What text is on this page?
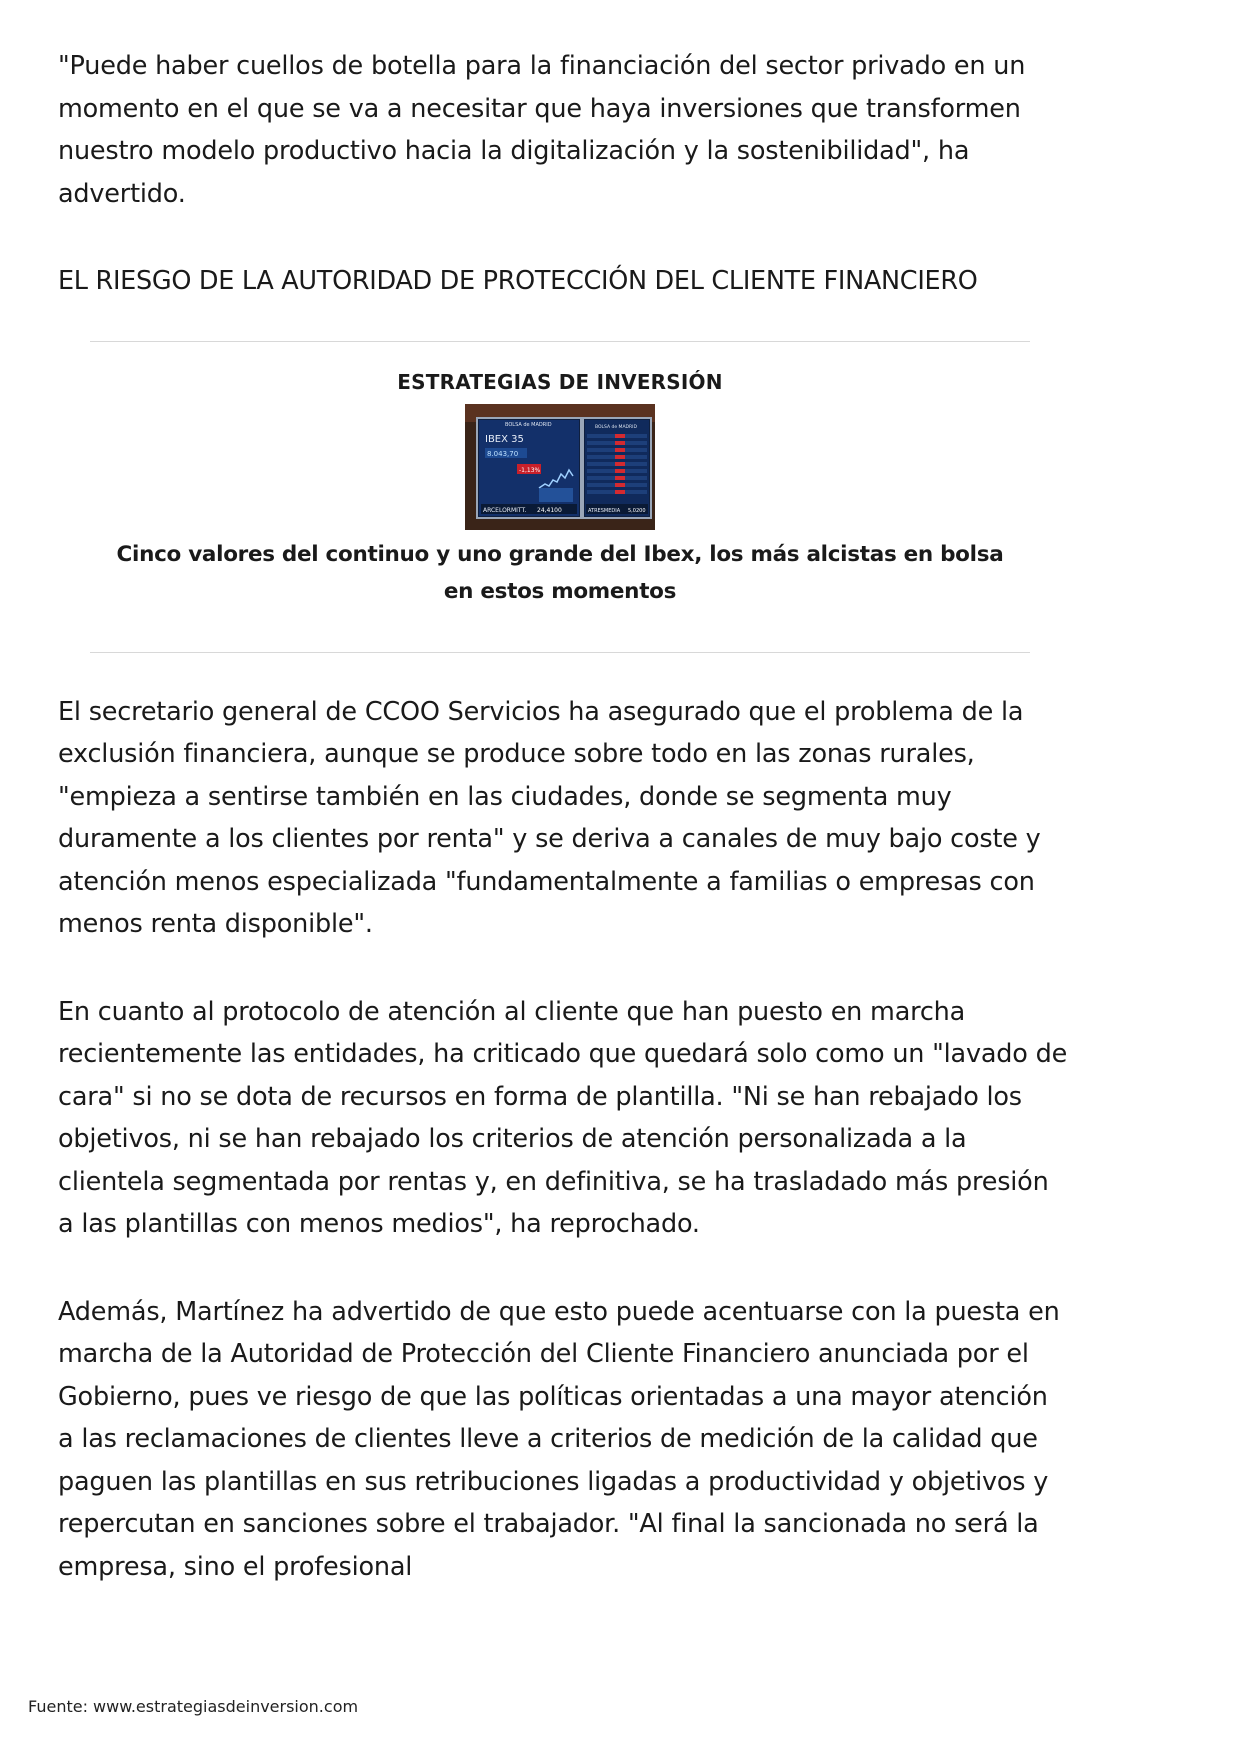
"Puede haber cuellos de botella para la financiación del sector privado en un momento en el que se va a necesitar que haya inversiones que transformen nuestro modelo productivo hacia la digitalización y la sostenibilidad", ha advertido.

EL RIESGO DE LA AUTORIDAD DE PROTECCIÓN DEL CLIENTE FINANCIERO

ESTRATEGIAS DE INVERSIÓN
BOLSA de MADRID
IBEX 35
8.043,70
-1,13%
ARCELORMITT. 24,4100
BOLSA de MADRID
ATRESMEDIA 5,0200
Cinco valores del continuo y uno grande del Ibex, los más alcistas en bolsa en estos momentos

El secretario general de CCOO Servicios ha asegurado que el problema de la exclusión financiera, aunque se produce sobre todo en las zonas rurales, "empieza a sentirse también en las ciudades, donde se segmenta muy duramente a los clientes por renta" y se deriva a canales de muy bajo coste y atención menos especializada "fundamentalmente a familias o empresas con menos renta disponible".

En cuanto al protocolo de atención al cliente que han puesto en marcha recientemente las entidades, ha criticado que quedará solo como un "lavado de cara" si no se dota de recursos en forma de plantilla. "Ni se han rebajado los objetivos, ni se han rebajado los criterios de atención personalizada a la clientela segmentada por rentas y, en definitiva, se ha trasladado más presión a las plantillas con menos medios", ha reprochado.

Además, Martínez ha advertido de que esto puede acentuarse con la puesta en marcha de la Autoridad de Protección del Cliente Financiero anunciada por el Gobierno, pues ve riesgo de que las políticas orientadas a una mayor atención a las reclamaciones de clientes lleve a criterios de medición de la calidad que paguen las plantillas en sus retribuciones ligadas a productividad y objetivos y repercutan en sanciones sobre el trabajador. "Al final la sancionada no será la empresa, sino el profesional

Fuente: www.estrategiasdeinversion.com
